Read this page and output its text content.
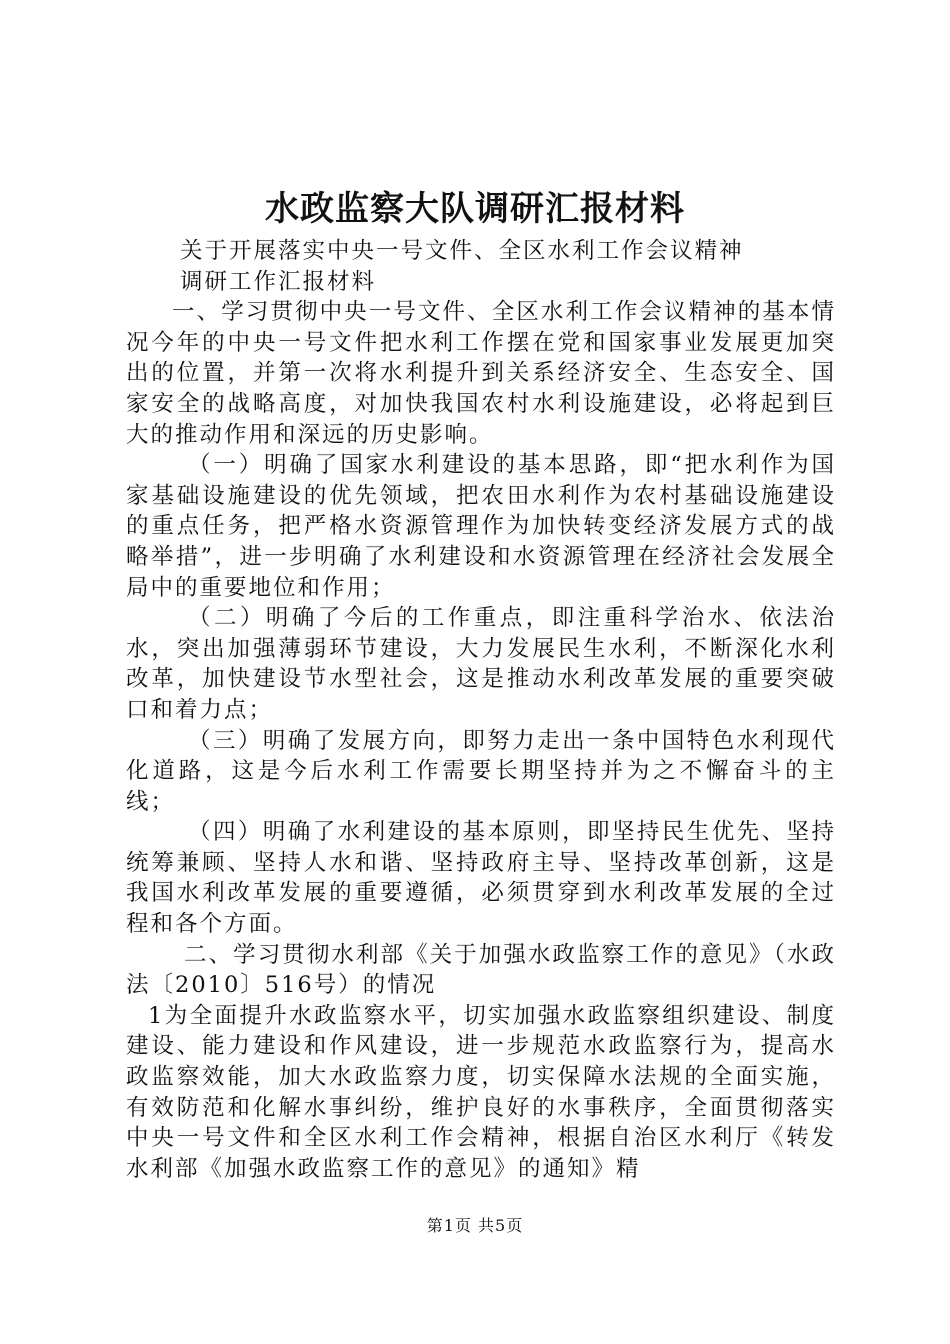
水政监察大队调研汇报材料

关于开展落实中央一号文件、全区水利工作会议精神

调研工作汇报材料

一、学习贯彻中央一号文件、全区水利工作会议精神的基本情况今年的中央一号文件把水利工作摆在党和国家事业发展更加突出的位置，并第一次将水利提升到关系经济安全、生态安全、国家安全的战略高度，对加快我国农村水利设施建设，必将起到巨大的推动作用和深远的历史影响。

（一）明确了国家水利建设的基本思路，即“把水利作为国家基础设施建设的优先领域，把农田水利作为农村基础设施建设的重点任务，把严格水资源管理作为加快转变经济发展方式的战略举措”，进一步明确了水利建设和水资源管理在经济社会发展全局中的重要地位和作用；

（二）明确了今后的工作重点，即注重科学治水、依法治水，突出加强薄弱环节建设，大力发展民生水利，不断深化水利改革，加快建设节水型社会，这是推动水利改革发展的重要突破口和着力点；

（三）明确了发展方向，即努力走出一条中国特色水利现代化道路，这是今后水利工作需要长期坚持并为之不懈奋斗的主线；

（四）明确了水利建设的基本原则，即坚持民生优先、坚持统筹兼顾、坚持人水和谐、坚持政府主导、坚持改革创新，这是我国水利改革发展的重要遵循，必须贯穿到水利改革发展的全过程和各个方面。

二、学习贯彻水利部《关于加强水政监察工作的意见》（水政法〔2010〕516号）的情况

1为全面提升水政监察水平，切实加强水政监察组织建设、制度建设、能力建设和作风建设，进一步规范水政监察行为，提高水政监察效能，加大水政监察力度，切实保障水法规的全面实施，有效防范和化解水事纠纷，维护良好的水事秩序，全面贯彻落实中央一号文件和全区水利工作会精神，根据自治区水利厅《转发水利部《加强水政监察工作的意见》的通知》精

第1页 共5页
